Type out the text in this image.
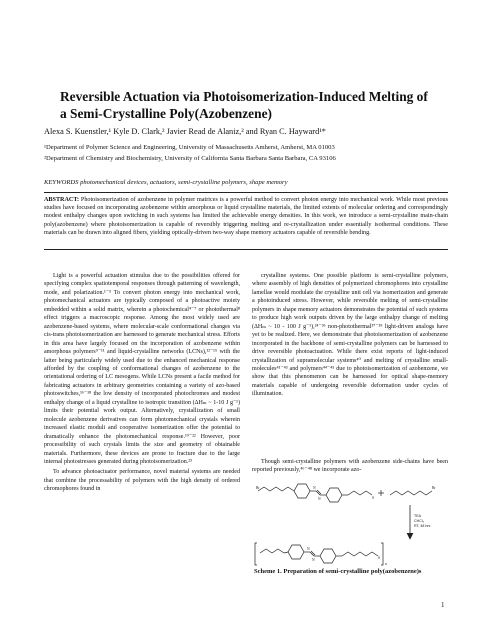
Reversible Actuation via Photoisomerization-Induced Melting of a Semi-Crystalline Poly(Azobenzene)
Alexa S. Kuenstler,¹ Kyle D. Clark,² Javier Read de Alaniz,² and Ryan C. Hayward¹*
¹Department of Polymer Science and Engineering, University of Massachusetts Amherst, Amherst, MA 01003
²Department of Chemistry and Biochemistry, University of California Santa Barbara Santa Barbara, CA 93106
KEYWORDS photomechanical devices, actuators, semi-crystalline polymers, shape memory
ABSTRACT: Photoisomerization of azobenzene in polymer matrices is a powerful method to convert photon energy into mechanical work. While most previous studies have focused on incorporating azobenzene within amorphous or liquid crystalline materials, the limited extents of molecular ordering and correspondingly modest enthalpy changes upon switching in such systems has limited the achievable energy densities. In this work, we introduce a semi-crystalline main-chain poly(azobenzene) where photoisomerization is capable of reversibly triggering melting and re-crystallization under essentially isothermal conditions. These materials can be drawn into aligned fibers, yielding optically-driven two-way shape memory actuators capable of reversible bending.

Light is a powerful actuation stimulus due to the possibilities offered for specifying complex spatiotemporal responses through patterning of wavelength, mode, and polarization.¹⁻³ To convert photon energy into mechanical work, photomechanical actuators are typically composed of a photoactive moiety embedded within a solid matrix, wherein a photochemical⁴⁻⁷ or photothermal⁸ effect triggers a macroscopic response. Among the most widely used are azobenzene-based systems, where molecular-scale conformational changes via cis-trans photoisomerization are harnessed to generate mechanical stress. Efforts in this area have largely focused on the incorporation of azobenzene within amorphous polymers⁹⁻¹¹ and liquid-crystalline networks (LCNs),¹²⁻¹⁵ with the latter being particularly widely used due to the enhanced mechanical response afforded by the coupling of conformational changes of azobenzene to the orientational ordering of LC mesogens. While LCNs present a facile method for fabricating actuators in arbitrary geometries containing a variety of azo-based photoswitches,¹⁶⁻¹⁸ the low density of incorporated photochromes and modest enthalpy change of a liquid crystalline to isotropic transition (ΔHₘ ~ 1-10 J g⁻¹) limits their potential work output. Alternatively, crystallization of small molecule azobenzene derivatives can form photomechanical crystals wherein increased elastic moduli and cooperative isomerization offer the potential to dramatically enhance the photomechanical response.¹⁹⁻²² However, poor processibility of such crystals limits the size and geometry of obtainable materials. Furthermore, these devices are prone to fracture due to the large internal photostresses generated during photoisomerization.²³

To advance photoactuator performance, novel material systems are needed that combine the processability of polymers with the high density of ordered chromophores found in

crystalline systems. One possible platform is semi-crystalline polymers, where assembly of high densities of polymerized chromophores into crystalline lamellae would modulate the crystalline unit cell via isomerization and generate a photoinduced stress. However, while reversible melting of semi-crystalline polymers in shape memory actuators demonstrates the potential of such systems to produce high work outputs driven by the large enthalpy change of melting (ΔHₘ ~ 10 - 100 J g⁻¹),²⁴⁻³⁶ non-photothermal³⁷⁻³⁹ light-driven analogs have yet to be realized. Here, we demonstrate that photoisomerization of azobenzene incorporated in the backbone of semi-crystalline polymers can be harnessed to drive reversible photoactuation. While there exist reports of light-induced crystallization of supramolecular systems⁴⁰ and melting of crystalline small-molecules⁴¹⁻⁴³ and polymers⁴⁴⁻⁴⁵ due to photoisomerization of azobenzene, we show that this phenomenon can be harnessed for optical shape-memory materials capable of undergoing reversible deformation under cycles of illumination.

Though semi-crystalline polymers with azobenzene side-chains have been reported previously,⁴⁶⁻⁴⁸ we incorporate azo-

N
N	S
Br	Br
N
N	S
n
TEA
CHCl₃
RT, 48 hrs
Scheme 1. Preparation of semi-crystalline poly(azobenzene)s
1
